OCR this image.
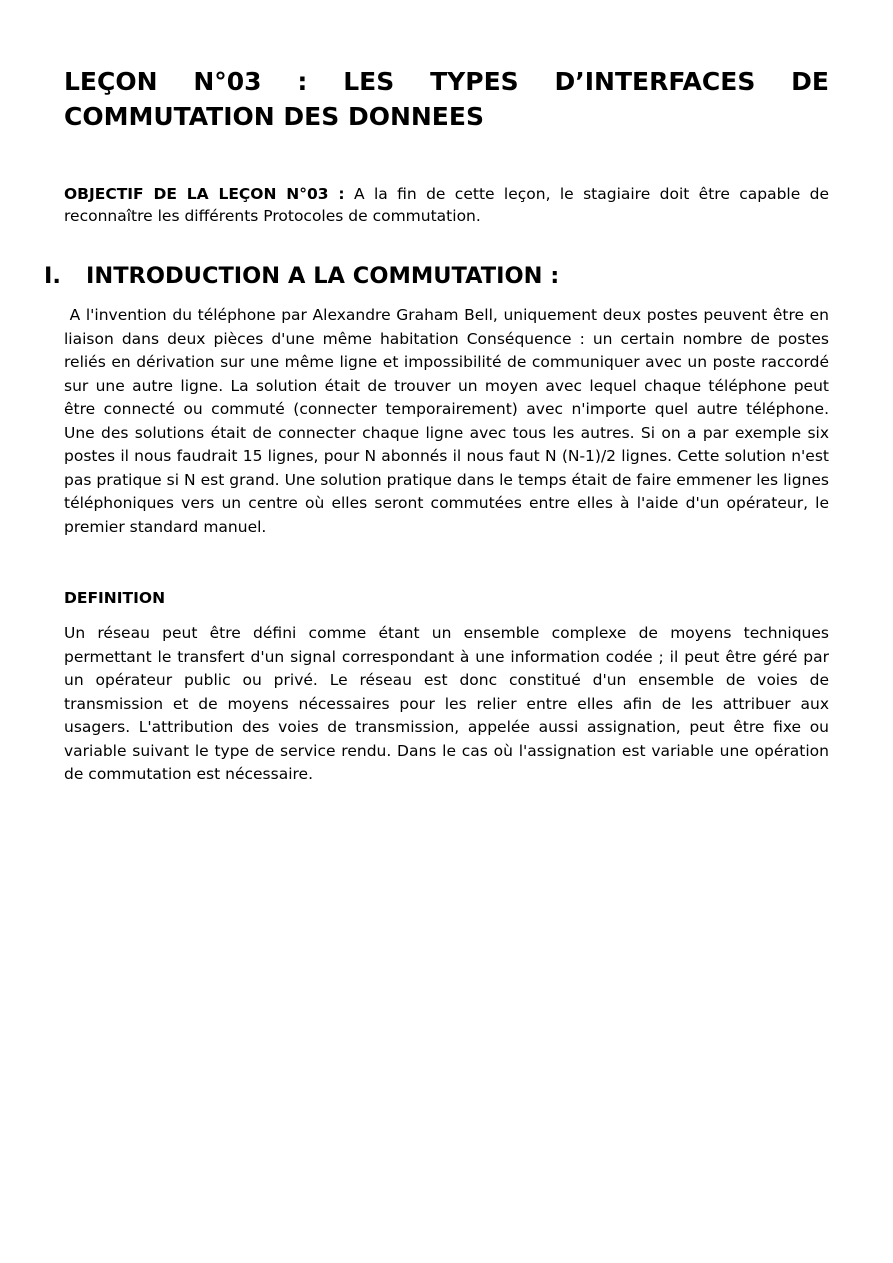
LEÇON N°03 : LES TYPES D’INTERFACES DE COMMUTATION DES DONNEES

OBJECTIF DE LA LEÇON N°03 : A la fin de cette leçon, le stagiaire doit être capable de reconnaître les différents Protocoles de commutation.

I. INTRODUCTION A LA COMMUTATION :

A l'invention du téléphone par Alexandre Graham Bell, uniquement deux postes peuvent être en liaison dans deux pièces d'une même habitation Conséquence : un certain nombre de postes reliés en dérivation sur une même ligne et impossibilité de communiquer avec un poste raccordé sur une autre ligne. La solution était de trouver un moyen avec lequel chaque téléphone peut être connecté ou commuté (connecter temporairement) avec n'importe quel autre téléphone. Une des solutions était de connecter chaque ligne avec tous les autres. Si on a par exemple six postes il nous faudrait 15 lignes, pour N abonnés il nous faut N (N-1)/2 lignes. Cette solution n'est pas pratique si N est grand. Une solution pratique dans le temps était de faire emmener les lignes téléphoniques vers un centre où elles seront commutées entre elles à l'aide d'un opérateur, le premier standard manuel.

DEFINITION

Un réseau peut être défini comme étant un ensemble complexe de moyens techniques permettant le transfert d'un signal correspondant à une information codée ; il peut être géré par un opérateur public ou privé. Le réseau est donc constitué d'un ensemble de voies de transmission et de moyens nécessaires pour les relier entre elles afin de les attribuer aux usagers. L'attribution des voies de transmission, appelée aussi assignation, peut être fixe ou variable suivant le type de service rendu. Dans le cas où l'assignation est variable une opération de commutation est nécessaire.
